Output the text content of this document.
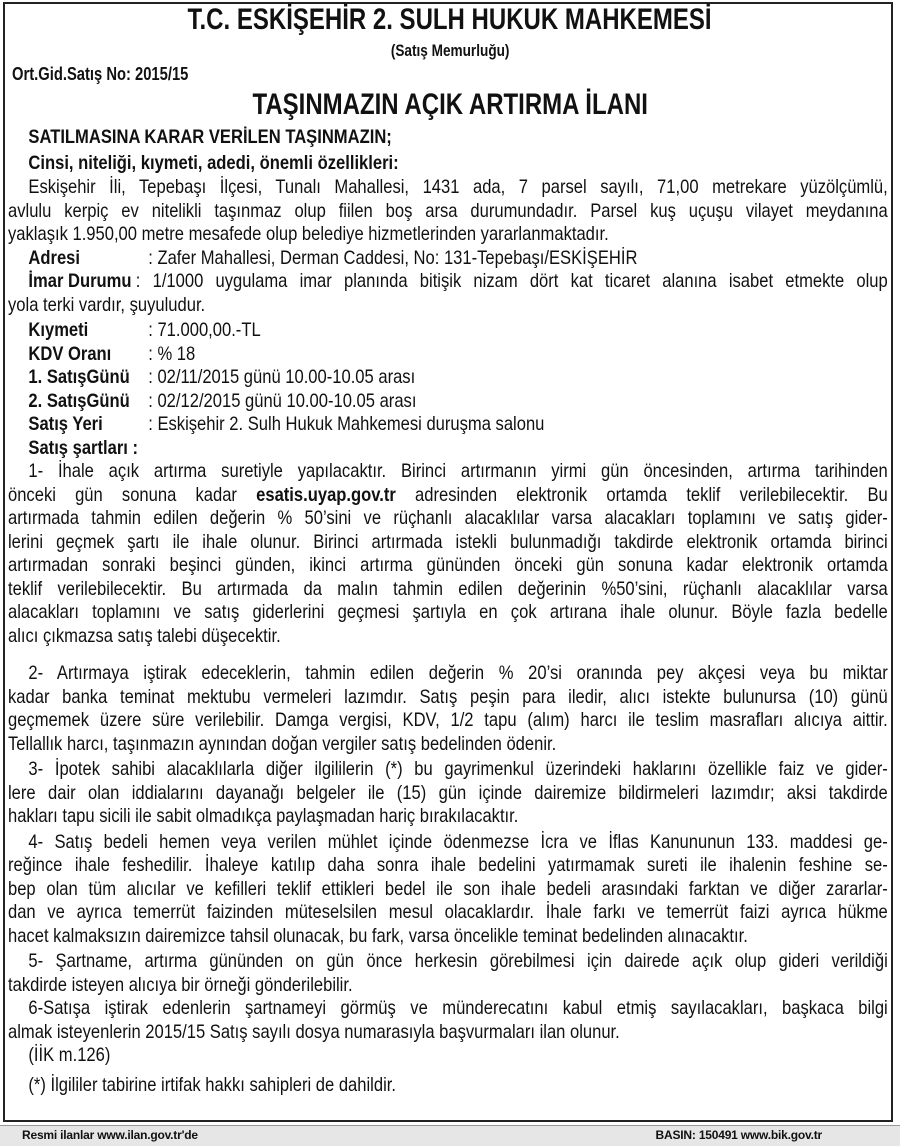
T.C. ESKİŞEHİR 2. SULH HUKUK MAHKEMESİ
(Satış Memurluğu)
Ort.Gid.Satış No: 2015/15
TAŞINMAZIN AÇIK ARTIRMA İLANI
SATILMASINA KARAR VERİLEN TAŞINMAZIN;
Cinsi, niteliği, kıymeti, adedi, önemli özellikleri:
Eskişehir İli, Tepebaşı İlçesi, Tunalı Mahallesi, 1431 ada, 7 parsel sayılı, 71,00 metrekare yüzölçümlü,
avlulu kerpiç ev nitelikli taşınmaz olup fiilen boş arsa durumundadır. Parsel kuş uçuşu vilayet meydanına
yaklaşık 1.950,00 metre mesafede olup belediye hizmetlerinden yararlanmaktadır.
Adresi	: Zafer Mahallesi, Derman Caddesi, No: 131-Tepebaşı/ESKİŞEHİR
İmar Durumu : 1/1000 uygulama imar planında bitişik nizam dört kat ticaret alanına isabet etmekte olup
yola terki vardır, şuyuludur.
Kıymeti	: 71.000,00.-TL
KDV Oranı : % 18
1. SatışGünü : 02/11/2015 günü 10.00-10.05 arası
2. SatışGünü : 02/12/2015 günü 10.00-10.05 arası
Satış Yeri : Eskişehir 2. Sulh Hukuk Mahkemesi duruşma salonu
Satış şartları :
1- İhale açık artırma suretiyle yapılacaktır. Birinci artırmanın yirmi gün öncesinden, artırma tarihinden
önceki gün sonuna kadar esatis.uyap.gov.tr adresinden elektronik ortamda teklif verilebilecektir. Bu
artırmada tahmin edilen değerin % 50’sini ve rüçhanlı alacaklılar varsa alacakları toplamını ve satış gider-
lerini geçmek şartı ile ihale olunur. Birinci artırmada istekli bulunmadığı takdirde elektronik ortamda birinci
artırmadan sonraki beşinci günden, ikinci artırma gününden önceki gün sonuna kadar elektronik ortamda
teklif verilebilecektir. Bu artırmada da malın tahmin edilen değerinin %50’sini, rüçhanlı alacaklılar varsa
alacakları toplamını ve satış giderlerini geçmesi şartıyla en çok artırana ihale olunur. Böyle fazla bedelle
alıcı çıkmazsa satış talebi düşecektir.
2- Artırmaya iştirak edeceklerin, tahmin edilen değerin % 20’si oranında pey akçesi veya bu miktar
kadar banka teminat mektubu vermeleri lazımdır. Satış peşin para iledir, alıcı istekte bulunursa (10) günü
geçmemek üzere süre verilebilir. Damga vergisi, KDV, 1/2 tapu (alım) harcı ile teslim masrafları alıcıya aittir.
Tellallık harcı, taşınmazın aynından doğan vergiler satış bedelinden ödenir.
3- İpotek sahibi alacaklılarla diğer ilgililerin (*) bu gayrimenkul üzerindeki haklarını özellikle faiz ve gider-
lere dair olan iddialarını dayanağı belgeler ile (15) gün içinde dairemize bildirmeleri lazımdır; aksi takdirde
hakları tapu sicili ile sabit olmadıkça paylaşmadan hariç bırakılacaktır.
4- Satış bedeli hemen veya verilen mühlet içinde ödenmezse İcra ve İflas Kanununun 133. maddesi ge-
reğince ihale feshedilir. İhaleye katılıp daha sonra ihale bedelini yatırmamak sureti ile ihalenin feshine se-
bep olan tüm alıcılar ve kefilleri teklif ettikleri bedel ile son ihale bedeli arasındaki farktan ve diğer zararlar-
dan ve ayrıca temerrüt faizinden müteselsilen mesul olacaklardır. İhale farkı ve temerrüt faizi ayrıca hükme
hacet kalmaksızın dairemizce tahsil olunacak, bu fark, varsa öncelikle teminat bedelinden alınacaktır.
5- Şartname, artırma gününden on gün önce herkesin görebilmesi için dairede açık olup gideri verildiği
takdirde isteyen alıcıya bir örneği gönderilebilir.
6-Satışa iştirak edenlerin şartnameyi görmüş ve münderecatını kabul etmiş sayılacakları, başkaca bilgi
almak isteyenlerin 2015/15 Satış sayılı dosya numarasıyla başvurmaları ilan olunur.
(İİK m.126)
(*) İlgililer tabirine irtifak hakkı sahipleri de dahildir.
Resmi ilanlar www.ilan.gov.tr'de	BASIN: 150491 www.bik.gov.tr
